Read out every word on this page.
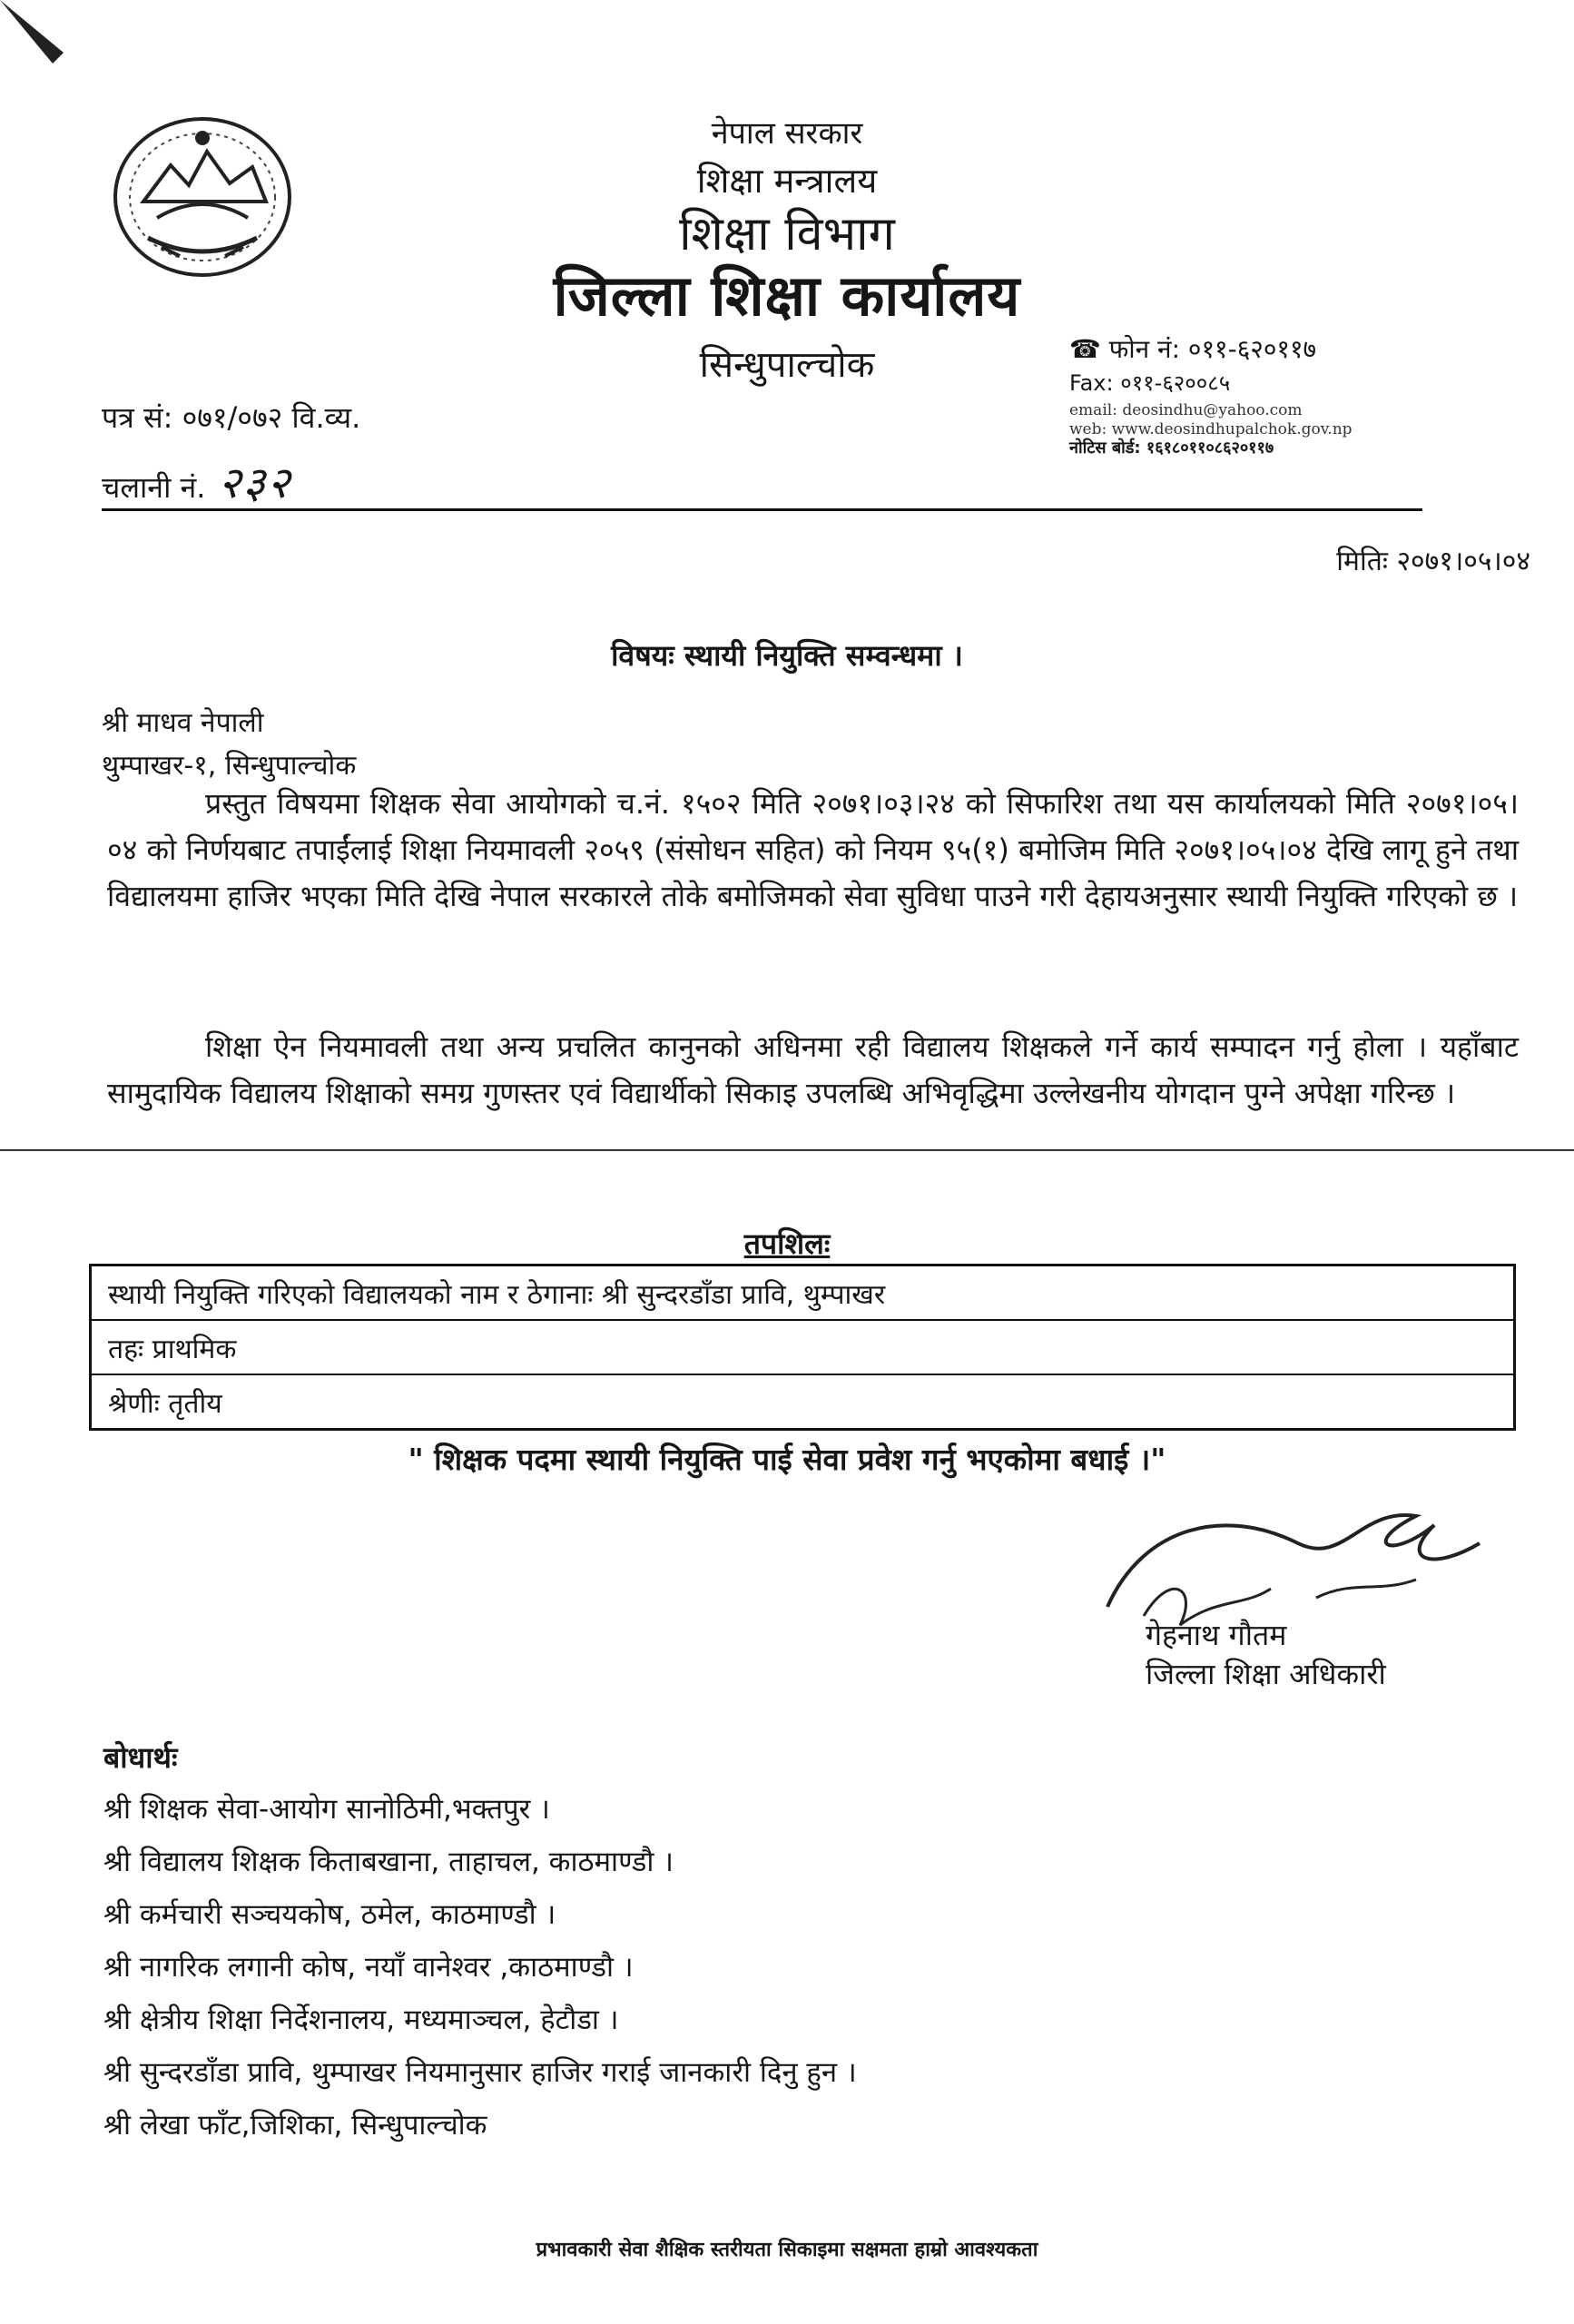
नेपाल सरकार
शिक्षा मन्त्रालय
शिक्षा विभाग
जिल्ला शिक्षा कार्यालय
सिन्धुपाल्चोक	☎ फोन नं: ०११-६२०११७
Fax: ०११-६२००८५
email: deosindhu@yahoo.com
web: www.deosindhupalchok.gov.np
नोटिस बोर्ड: १६१८०११०८६२०११७
पत्र सं: ०७१/०७२ वि.व्य.
चलानी नं. २३२
मितिः २०७१।०५।०४
विषयः स्थायी नियुक्ति सम्वन्धमा ।
श्री माधव नेपाली
थुम्पाखर-१, सिन्धुपाल्चोक
प्रस्तुत विषयमा शिक्षक सेवा आयोगको च.नं. १५०२ मिति २०७१।०३।२४ को सिफारिश तथा यस कार्यालयको मिति २०७१।०५।०४ को निर्णयबाट तपाईंलाई शिक्षा नियमावली २०५९ (संसोधन सहित) को नियम ९५(१) बमोजिम मिति २०७१।०५।०४ देखि लागू हुने तथा विद्यालयमा हाजिर भएका मिति देखि नेपाल सरकारले तोके बमोजिमको सेवा सुविधा पाउने गरी देहायअनुसार स्थायी नियुक्ति गरिएको छ ।
शिक्षा ऐन नियमावली तथा अन्य प्रचलित कानुनको अधिनमा रही विद्यालय शिक्षकले गर्ने कार्य सम्पादन गर्नु होला । यहाँबाट सामुदायिक विद्यालय शिक्षाको समग्र गुणस्तर एवं विद्यार्थीको सिकाइ उपलब्धि अभिवृद्धिमा उल्लेखनीय योगदान पुग्ने अपेक्षा गरिन्छ ।
तपशिलः
स्थायी नियुक्ति गरिएको विद्यालयको नाम र ठेगानाः श्री सुन्दरडाँडा प्रावि, थुम्पाखर
तहः प्राथमिक
श्रेणीः तृतीय
" शिक्षक पदमा स्थायी नियुक्ति पाई सेवा प्रवेश गर्नु भएकोमा बधाई ।"
गेहनाथ गौतम
जिल्ला शिक्षा अधिकारी
बोधार्थः
श्री शिक्षक सेवा-आयोग सानोठिमी,भक्तपुर ।
श्री विद्यालय शिक्षक किताबखाना, ताहाचल, काठमाण्डौ ।
श्री कर्मचारी सञ्चयकोष, ठमेल, काठमाण्डौ ।
श्री नागरिक लगानी कोष, नयाँ वानेश्वर ,काठमाण्डौ ।
श्री क्षेत्रीय शिक्षा निर्देशनालय, मध्यमाञ्चल, हेटौडा ।
श्री सुन्दरडाँडा प्रावि, थुम्पाखर नियमानुसार हाजिर गराई जानकारी दिनु हुन ।
श्री लेखा फाँट,जिशिका, सिन्धुपाल्चोक
प्रभावकारी सेवा शैक्षिक स्तरीयता सिकाइमा सक्षमता हाम्रो आवश्यकता
